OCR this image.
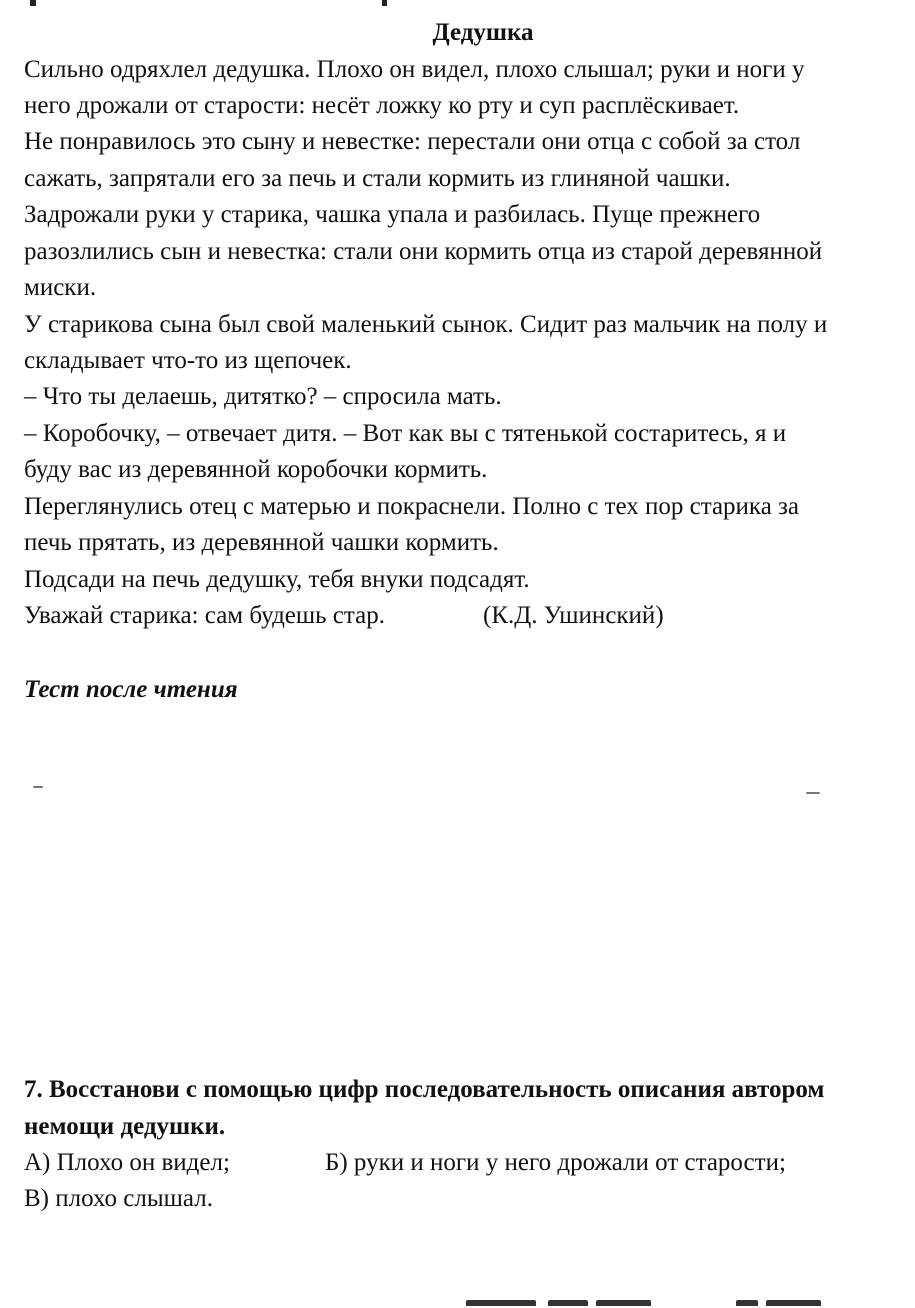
Дедушка
Сильно одряхлел дедушка. Плохо он видел, плохо слышал; руки и ноги у
него дрожали от старости: несёт ложку ко рту и суп расплёскивает.
Не понравилось это сыну и невестке: перестали они отца с собой за стол
сажать, запрятали его за печь и стали кормить из глиняной чашки.
Задрожали руки у старика, чашка упала и разбилась. Пуще прежнего
разозлились сын и невестка: стали они кормить отца из старой деревянной
миски.
У старикова сына был свой маленький сынок. Сидит раз мальчик на полу и
складывает что-то из щепочек.
– Что ты делаешь, дитятко? – спросила мать.
– Коробочку, – отвечает дитя. – Вот как вы с тятенькой состаритесь, я и
буду вас из деревянной коробочки кормить.
Переглянулись отец с матерью и покраснели. Полно с тех пор старика за
печь прятать, из деревянной чашки кормить.
Подсади на печь дедушку, тебя внуки подсадят.
Уважай старика: сам будешь стар.	(К.Д. Ушинский)
Тест после чтения
7. Восстанови с помощью цифр последовательность описания автором
немощи дедушки.
А) Плохо он видел;	Б) руки и ноги у него дрожали от старости;
В) плохо слышал.
